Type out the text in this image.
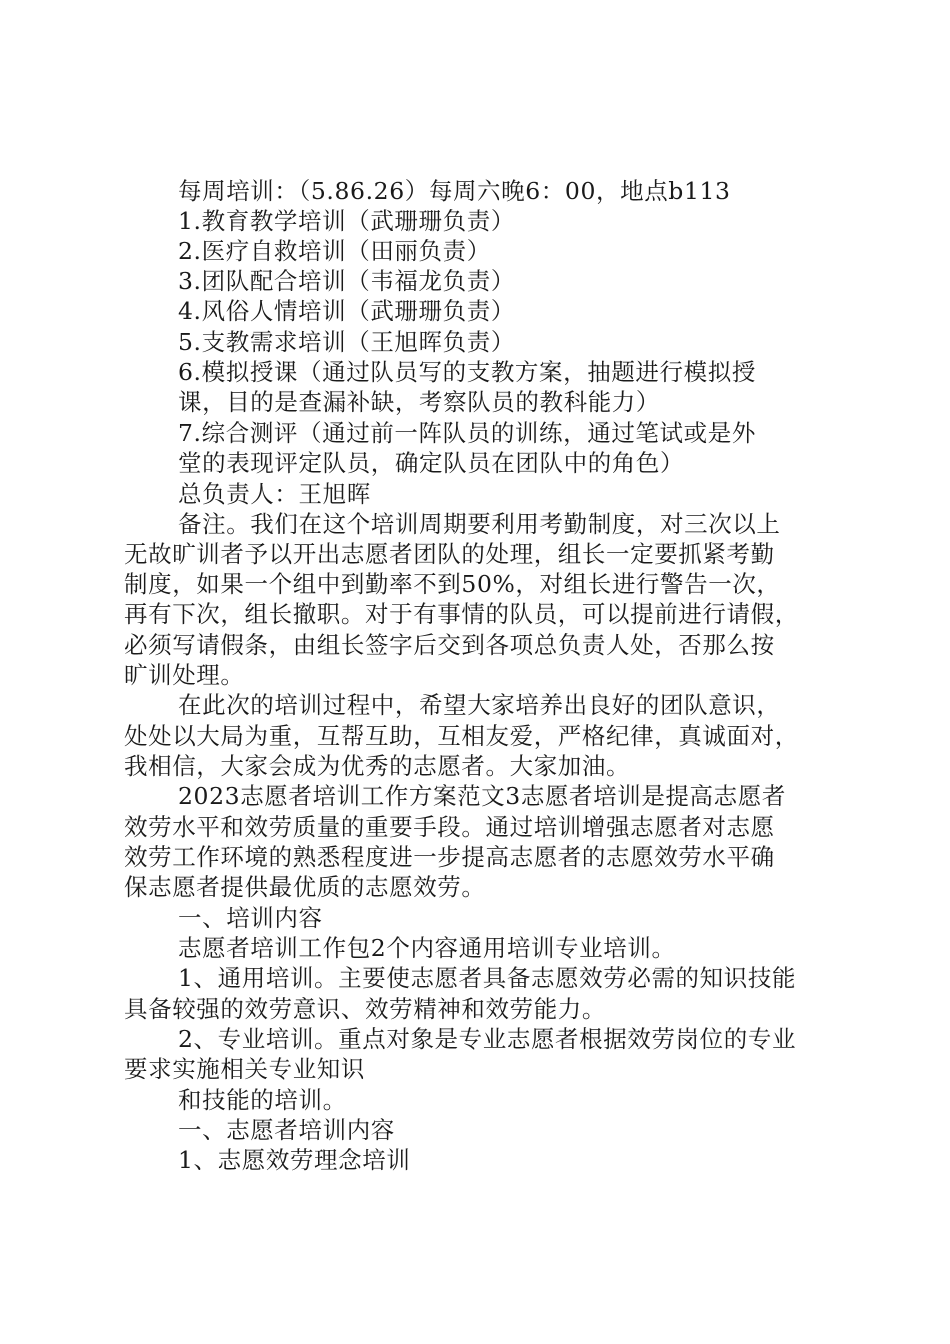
每周培训：（5.86.26）每周六晚6：00，地点b113
1.教育教学培训（武珊珊负责）
2.医疗自救培训（田丽负责）
3.团队配合培训（韦福龙负责）
4.风俗人情培训（武珊珊负责）
5.支教需求培训（王旭晖负责）
6.模拟授课（通过队员写的支教方案，抽题进行模拟授
课，目的是查漏补缺，考察队员的教科能力）
7.综合测评（通过前一阵队员的训练，通过笔试或是外
堂的表现评定队员，确定队员在团队中的角色）
总负责人：王旭晖
备注。我们在这个培训周期要利用考勤制度，对三次以上
无故旷训者予以开出志愿者团队的处理，组长一定要抓紧考勤
制度，如果一个组中到勤率不到50%，对组长进行警告一次，
再有下次，组长撤职。对于有事情的队员，可以提前进行请假，
必须写请假条，由组长签字后交到各项总负责人处，否那么按
旷训处理。
在此次的培训过程中，希望大家培养出良好的团队意识，
处处以大局为重，互帮互助，互相友爱，严格纪律，真诚面对，
我相信，大家会成为优秀的志愿者。大家加油。
2023志愿者培训工作方案范文3志愿者培训是提高志愿者
效劳水平和效劳质量的重要手段。通过培训增强志愿者对志愿
效劳工作环境的熟悉程度进一步提高志愿者的志愿效劳水平确
保志愿者提供最优质的志愿效劳。
一、培训内容
志愿者培训工作包2个内容通用培训专业培训。
1、通用培训。主要使志愿者具备志愿效劳必需的知识技能
具备较强的效劳意识、效劳精神和效劳能力。
2、专业培训。重点对象是专业志愿者根据效劳岗位的专业
要求实施相关专业知识
和技能的培训。
一、志愿者培训内容
1、志愿效劳理念培训
